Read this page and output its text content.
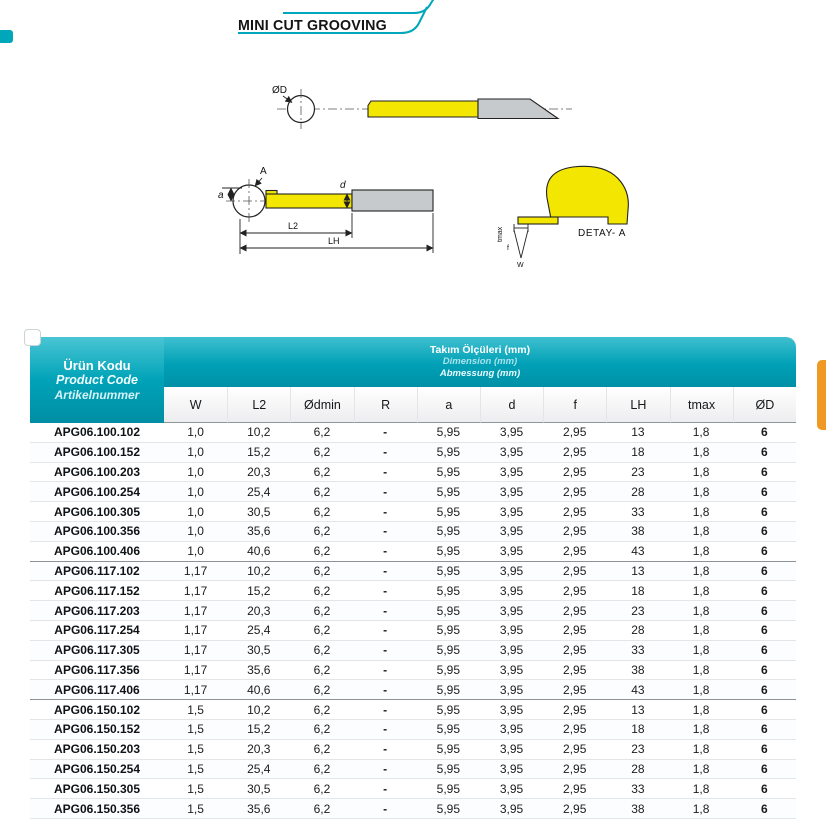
MINI CUT GROOVING
ØD
A
a
d
L2
LH	tmax
f
W
DETAY- A
Ürün Kodu
Product Code
Artikelnummer

Takım Ölçüleri (mm)
Dimension (mm)
Abmessung (mm)

	W	L2	Ødmin	R	a	d	f	LH	tmax	ØD
APG06.100.102	1,0	10,2	6,2	-	5,95	3,95	2,95	13	1,8	6
APG06.100.152	1,0	15,2	6,2	-	5,95	3,95	2,95	18	1,8	6
APG06.100.203	1,0	20,3	6,2	-	5,95	3,95	2,95	23	1,8	6
APG06.100.254	1,0	25,4	6,2	-	5,95	3,95	2,95	28	1,8	6
APG06.100.305	1,0	30,5	6,2	-	5,95	3,95	2,95	33	1,8	6
APG06.100.356	1,0	35,6	6,2	-	5,95	3,95	2,95	38	1,8	6
APG06.100.406	1,0	40,6	6,2	-	5,95	3,95	2,95	43	1,8	6
APG06.117.102	1,17	10,2	6,2	-	5,95	3,95	2,95	13	1,8	6
APG06.117.152	1,17	15,2	6,2	-	5,95	3,95	2,95	18	1,8	6
APG06.117.203	1,17	20,3	6,2	-	5,95	3,95	2,95	23	1,8	6
APG06.117.254	1,17	25,4	6,2	-	5,95	3,95	2,95	28	1,8	6
APG06.117.305	1,17	30,5	6,2	-	5,95	3,95	2,95	33	1,8	6
APG06.117.356	1,17	35,6	6,2	-	5,95	3,95	2,95	38	1,8	6
APG06.117.406	1,17	40,6	6,2	-	5,95	3,95	2,95	43	1,8	6
APG06.150.102	1,5	10,2	6,2	-	5,95	3,95	2,95	13	1,8	6
APG06.150.152	1,5	15,2	6,2	-	5,95	3,95	2,95	18	1,8	6
APG06.150.203	1,5	20,3	6,2	-	5,95	3,95	2,95	23	1,8	6
APG06.150.254	1,5	25,4	6,2	-	5,95	3,95	2,95	28	1,8	6
APG06.150.305	1,5	30,5	6,2	-	5,95	3,95	2,95	33	1,8	6
APG06.150.356	1,5	35,6	6,2	-	5,95	3,95	2,95	38	1,8	6
